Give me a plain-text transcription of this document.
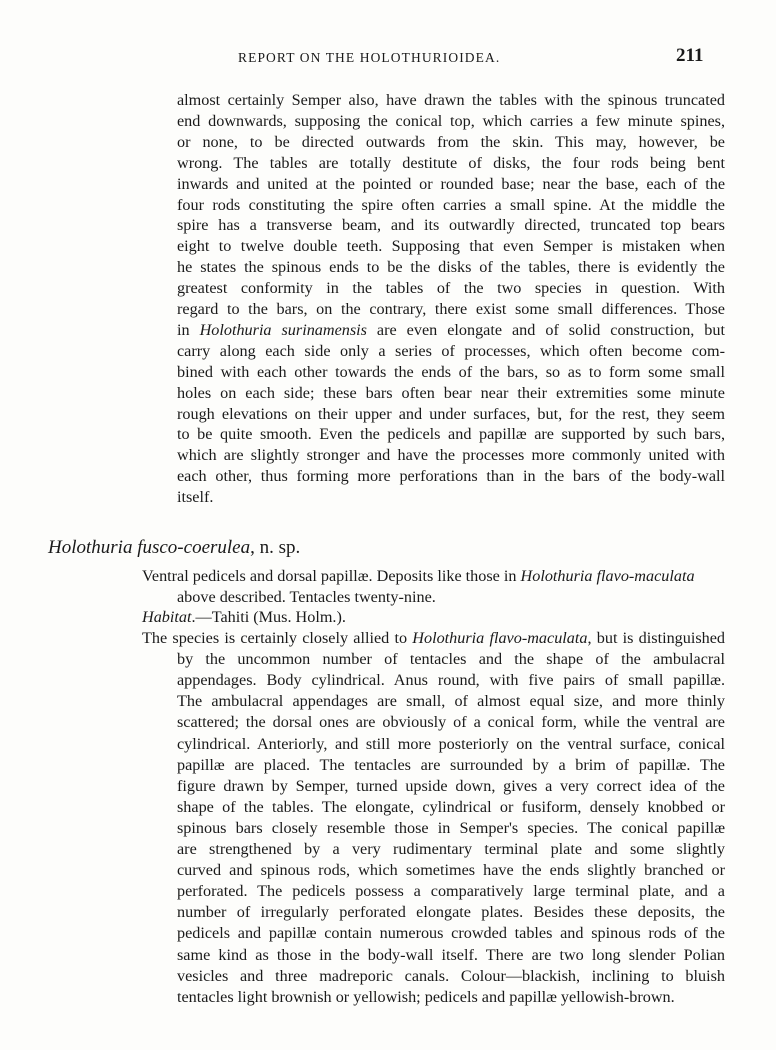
REPORT ON THE HOLOTHURIOIDEA.	211
almost certainly Semper also, have drawn the tables with the spinous truncated
end downwards, supposing the conical top, which carries a few minute spines,
or none, to be directed outwards from the skin. This may, however, be
wrong. The tables are totally destitute of disks, the four rods being bent
inwards and united at the pointed or rounded base; near the base, each of the
four rods constituting the spire often carries a small spine. At the middle the
spire has a transverse beam, and its outwardly directed, truncated top bears
eight to twelve double teeth. Supposing that even Semper is mistaken when
he states the spinous ends to be the disks of the tables, there is evidently the
greatest conformity in the tables of the two species in question. With
regard to the bars, on the contrary, there exist some small differences. Those
in Holothuria surinamensis are even elongate and of solid construction, but
carry along each side only a series of processes, which often become com-
bined with each other towards the ends of the bars, so as to form some small
holes on each side; these bars often bear near their extremities some minute
rough elevations on their upper and under surfaces, but, for the rest, they seem
to be quite smooth. Even the pedicels and papillæ are supported by such bars,
which are slightly stronger and have the processes more commonly united with
each other, thus forming more perforations than in the bars of the body-wall
itself.
Holothuria fusco-coerulea, n. sp.
Ventral pedicels and dorsal papillæ. Deposits like those in Holothuria flavo-maculata
above described. Tentacles twenty-nine.
Habitat.—Tahiti (Mus. Holm.).
The species is certainly closely allied to Holothuria flavo-maculata, but is distinguished
by the uncommon number of tentacles and the shape of the ambulacral
appendages. Body cylindrical. Anus round, with five pairs of small papillæ.
The ambulacral appendages are small, of almost equal size, and more thinly
scattered; the dorsal ones are obviously of a conical form, while the ventral are
cylindrical. Anteriorly, and still more posteriorly on the ventral surface, conical
papillæ are placed. The tentacles are surrounded by a brim of papillæ. The
figure drawn by Semper, turned upside down, gives a very correct idea of the
shape of the tables. The elongate, cylindrical or fusiform, densely knobbed or
spinous bars closely resemble those in Semper's species. The conical papillæ
are strengthened by a very rudimentary terminal plate and some slightly
curved and spinous rods, which sometimes have the ends slightly branched or
perforated. The pedicels possess a comparatively large terminal plate, and a
number of irregularly perforated elongate plates. Besides these deposits, the
pedicels and papillæ contain numerous crowded tables and spinous rods of the
same kind as those in the body-wall itself. There are two long slender Polian
vesicles and three madreporic canals. Colour—blackish, inclining to bluish
tentacles light brownish or yellowish; pedicels and papillæ yellowish-brown.
